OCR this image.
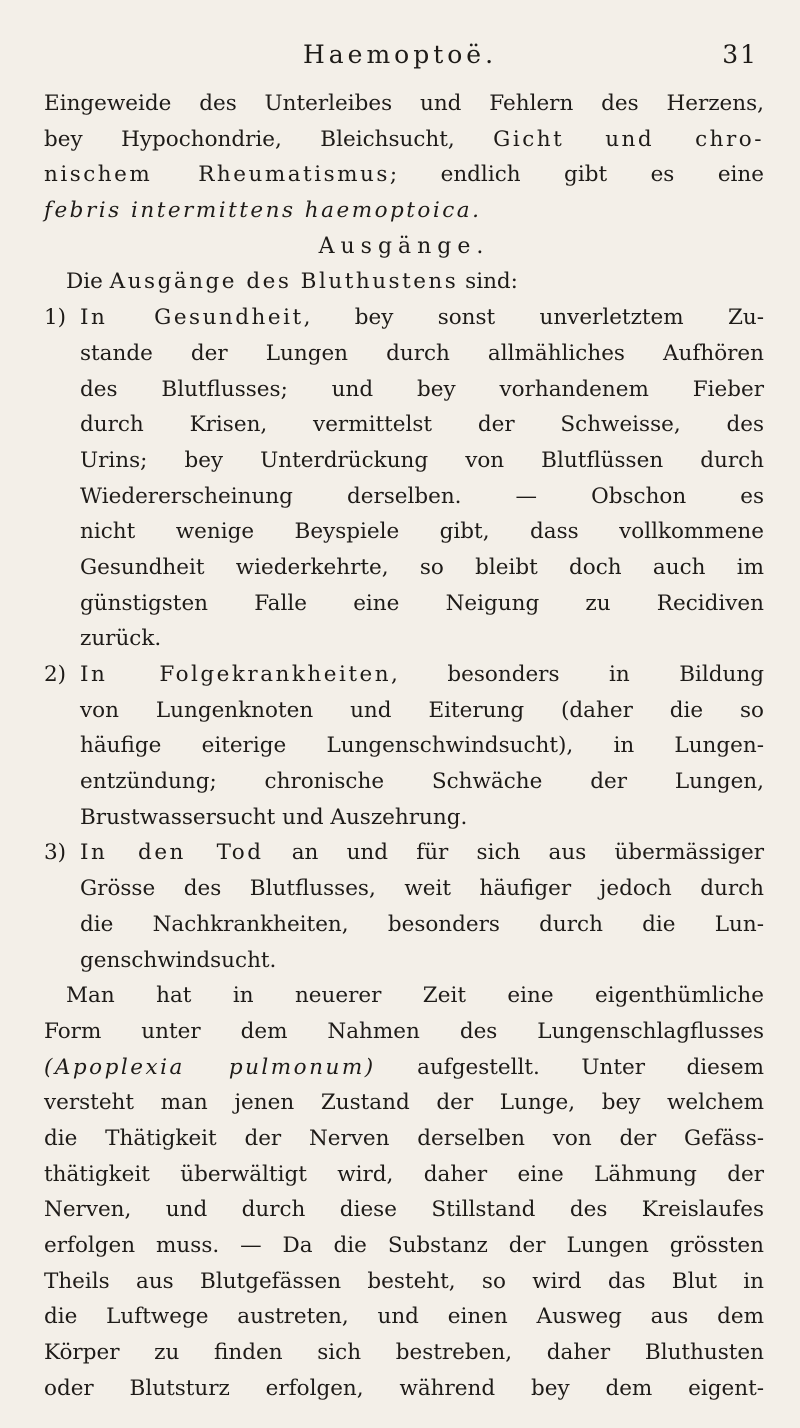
Haemoptoë.	31
Eingeweide des Unterleibes und Fehlern des Herzens,
bey Hypochondrie, Bleichsucht, Gicht und chro-
nischem Rheumatismus; endlich gibt es eine
febris intermittens haemoptoica.
Ausgänge.
Die Ausgänge des Bluthustens sind:
1) In Gesundheit, bey sonst unverletztem Zu-
stande der Lungen durch allmähliches Aufhören
des Blutflusses; und bey vorhandenem Fieber
durch Krisen, vermittelst der Schweisse, des
Urins; bey Unterdrückung von Blutflüssen durch
Wiedererscheinung derselben. — Obschon es
nicht wenige Beyspiele gibt, dass vollkommene
Gesundheit wiederkehrte, so bleibt doch auch im
günstigsten Falle eine Neigung zu Recidiven
zurück.
2) In Folgekrankheiten, besonders in Bildung
von Lungenknoten und Eiterung (daher die so
häufige eiterige Lungenschwindsucht), in Lungen-
entzündung; chronische Schwäche der Lungen,
Brustwassersucht und Auszehrung.
3) In den Tod an und für sich aus übermässiger
Grösse des Blutflusses, weit häufiger jedoch durch
die Nachkrankheiten, besonders durch die Lun-
genschwindsucht.
Man hat in neuerer Zeit eine eigenthümliche
Form unter dem Nahmen des Lungenschlagflusses
(Apoplexia pulmonum) aufgestellt. Unter diesem
versteht man jenen Zustand der Lunge, bey welchem
die Thätigkeit der Nerven derselben von der Gefäss-
thätigkeit überwältigt wird, daher eine Lähmung der
Nerven, und durch diese Stillstand des Kreislaufes
erfolgen muss. — Da die Substanz der Lungen grössten
Theils aus Blutgefässen besteht, so wird das Blut in
die Luftwege austreten, und einen Ausweg aus dem
Körper zu finden sich bestreben, daher Bluthusten
oder Blutsturz erfolgen, während bey dem eigent-
